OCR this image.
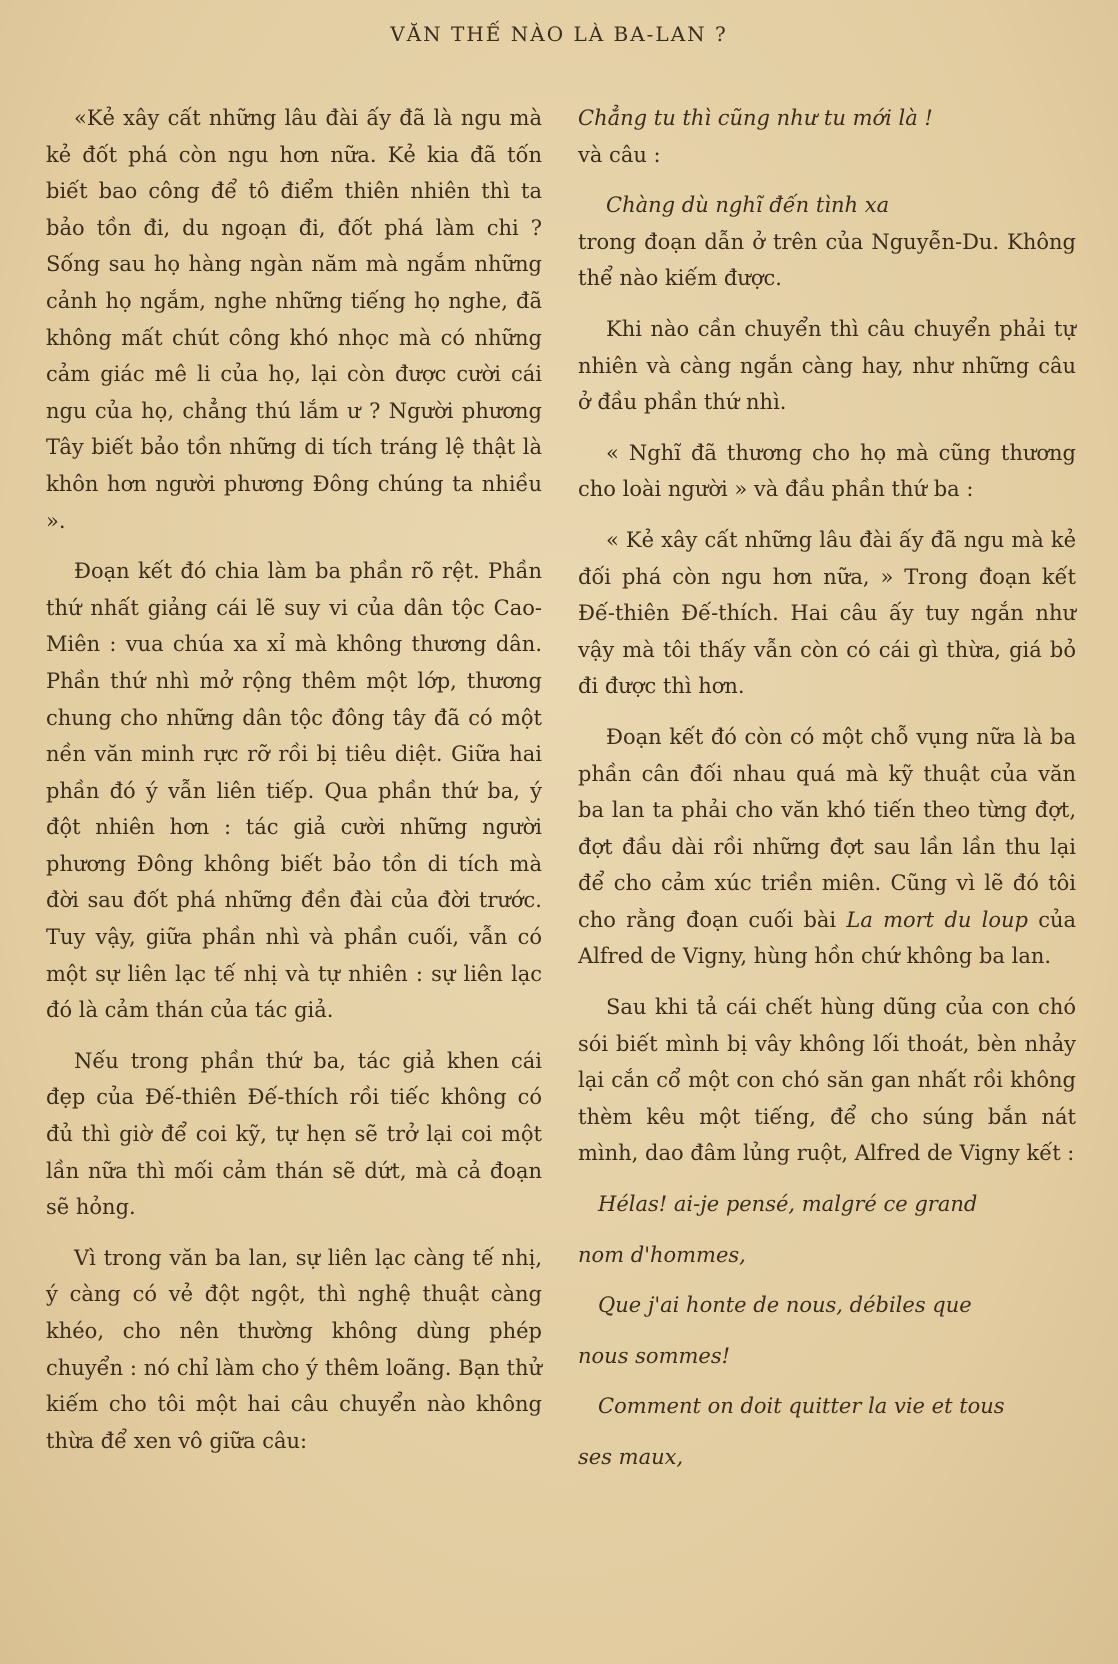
VĂN THẾ NÀO LÀ BA-LAN ?

«Kẻ xây cất những lâu đài ấy đã là ngu mà kẻ đốt phá còn ngu hơn nữa. Kẻ kia đã tốn biết bao công để tô điểm thiên nhiên thì ta bảo tồn đi, du ngoạn đi, đốt phá làm chi ? Sống sau họ hàng ngàn năm mà ngắm những cảnh họ ngắm, nghe những tiếng họ nghe, đã không mất chút công khó nhọc mà có những cảm giác mê li của họ, lại còn được cười cái ngu của họ, chẳng thú lắm ư ? Người phương Tây biết bảo tồn những di tích tráng lệ thật là khôn hơn người phương Đông chúng ta nhiều ».

Đoạn kết đó chia làm ba phần rõ rệt. Phần thứ nhất giảng cái lẽ suy vi của dân tộc Cao-Miên : vua chúa xa xỉ mà không thương dân. Phần thứ nhì mở rộng thêm một lớp, thương chung cho những dân tộc đông tây đã có một nền văn minh rực rỡ rồi bị tiêu diệt. Giữa hai phần đó ý vẫn liên tiếp. Qua phần thứ ba, ý đột nhiên hơn : tác giả cười những người phương Đông không biết bảo tồn di tích mà đời sau đốt phá những đền đài của đời trước. Tuy vậy, giữa phần nhì và phần cuối, vẫn có một sự liên lạc tế nhị và tự nhiên : sự liên lạc đó là cảm thán của tác giả.

Nếu trong phần thứ ba, tác giả khen cái đẹp của Đế-thiên Đế-thích rồi tiếc không có đủ thì giờ để coi kỹ, tự hẹn sẽ trở lại coi một lần nữa thì mối cảm thán sẽ dứt, mà cả đoạn sẽ hỏng.

Vì trong văn ba lan, sự liên lạc càng tế nhị, ý càng có vẻ đột ngột, thì nghệ thuật càng khéo, cho nên thường không dùng phép chuyển : nó chỉ làm cho ý thêm loãng. Bạn thử kiếm cho tôi một hai câu chuyển nào không thừa để xen vô giữa câu:

Chẳng tu thì cũng như tu mới là !

và câu :

Chàng dù nghĩ đến tình xa

trong đoạn dẫn ở trên của Nguyễn-Du. Không thể nào kiếm được.

Khi nào cần chuyển thì câu chuyển phải tự nhiên và càng ngắn càng hay, như những câu ở đầu phần thứ nhì.

« Nghĩ đã thương cho họ mà cũng thương cho loài người » và đầu phần thứ ba :

« Kẻ xây cất những lâu đài ấy đã ngu mà kẻ đối phá còn ngu hơn nữa, » Trong đoạn kết Đế-thiên Đế-thích. Hai câu ấy tuy ngắn như vậy mà tôi thấy vẫn còn có cái gì thừa, giá bỏ đi được thì hơn.

Đoạn kết đó còn có một chỗ vụng nữa là ba phần cân đối nhau quá mà kỹ thuật của văn ba lan ta phải cho văn khó tiến theo từng đợt, đợt đầu dài rồi những đợt sau lần lần thu lại để cho cảm xúc triền miên. Cũng vì lẽ đó tôi cho rằng đoạn cuối bài La mort du loup của Alfred de Vigny, hùng hồn chứ không ba lan.

Sau khi tả cái chết hùng dũng của con chó sói biết mình bị vây không lối thoát, bèn nhảy lại cắn cổ một con chó săn gan nhất rồi không thèm kêu một tiếng, để cho súng bắn nát mình, dao đâm lủng ruột, Alfred de Vigny kết :

Hélas! ai-je pensé, malgré ce grand

nom d'hommes,

Que j'ai honte de nous, débiles que

nous sommes!

Comment on doit quitter la vie et tous

ses maux,
